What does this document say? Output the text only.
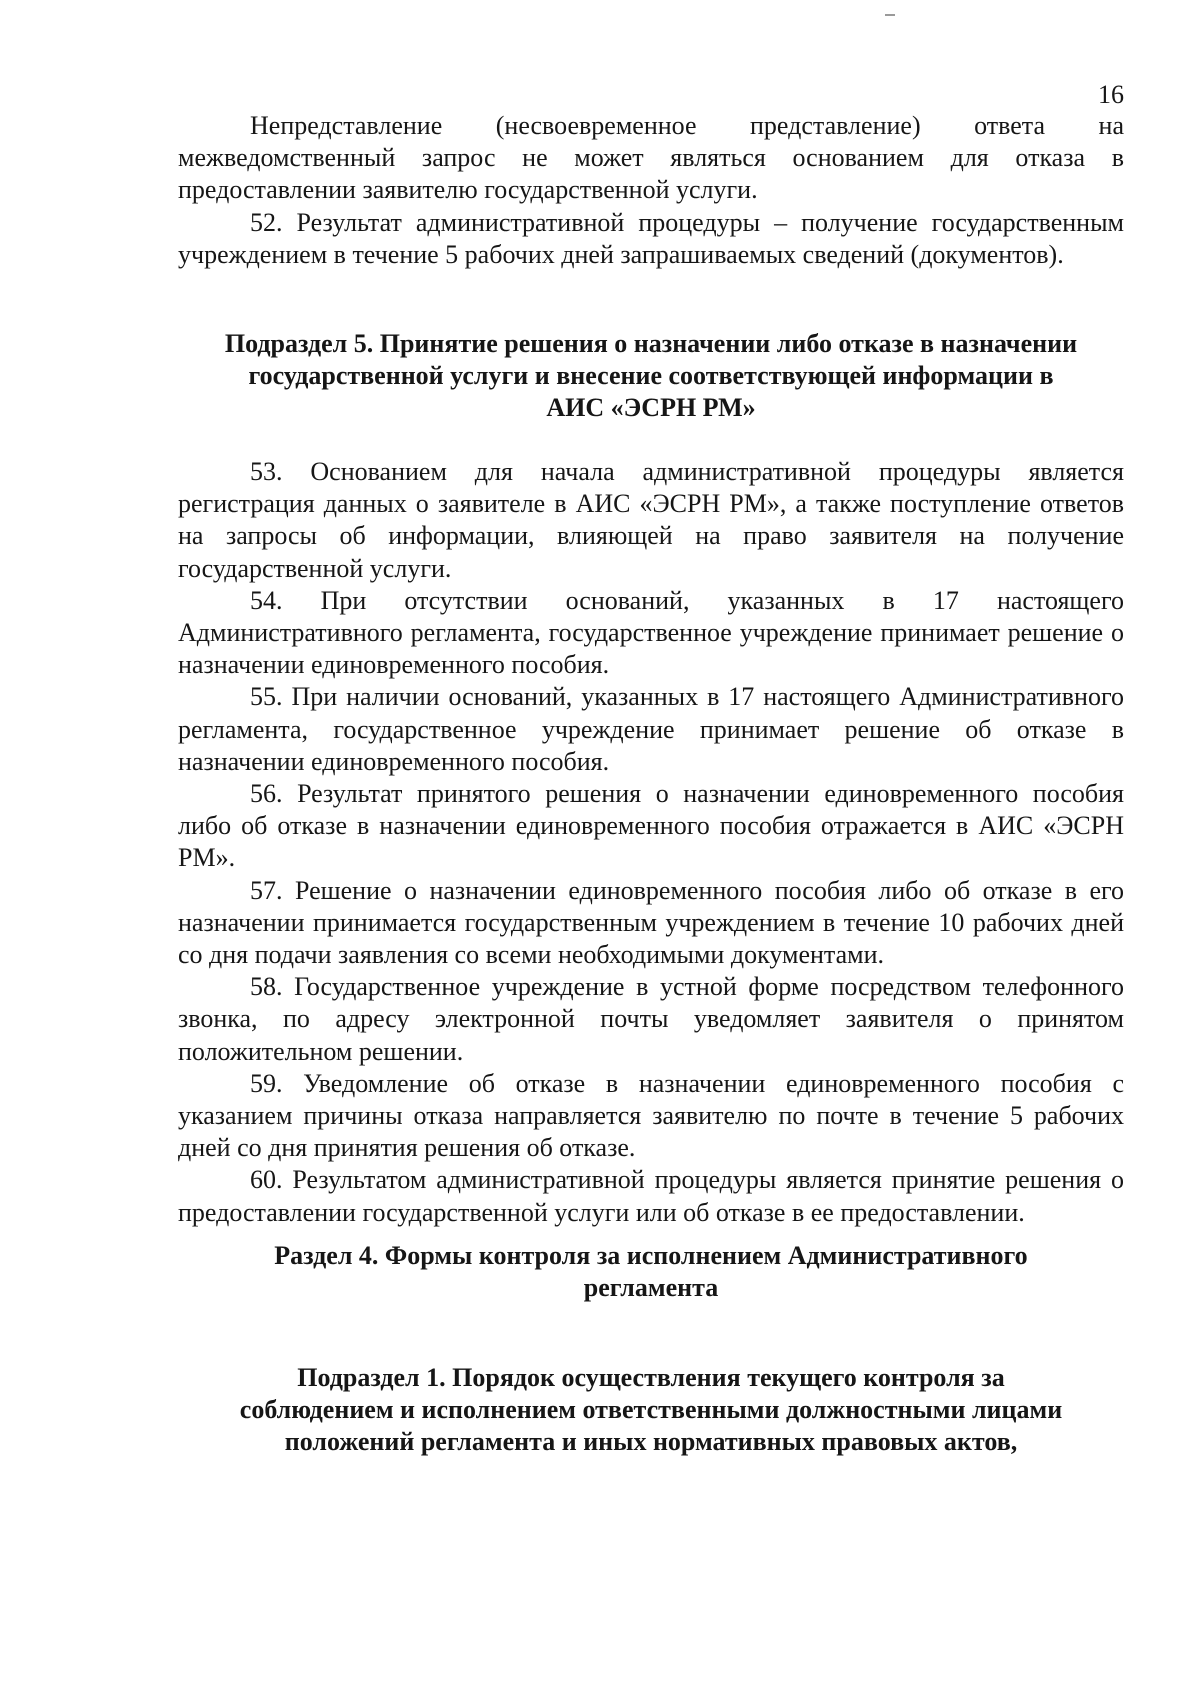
16

Непредставление (несвоевременное представление) ответа на межведомственный запрос не может являться основанием для отказа в предоставлении заявителю государственной услуги.

52. Результат административной процедуры – получение государственным учреждением в течение 5 рабочих дней запрашиваемых сведений (документов).

Подраздел 5. Принятие решения о назначении либо отказе в назначении
государственной услуги и внесение соответствующей информации в
АИС «ЭСРН РМ»

53. Основанием для начала административной процедуры является регистрация данных о заявителе в АИС «ЭСРН РМ», а также поступление ответов на запросы об информации, влияющей на право заявителя на получение государственной услуги.

54. При отсутствии оснований, указанных в 17 настоящего Административного регламента, государственное учреждение принимает решение о назначении единовременного пособия.

55. При наличии оснований, указанных в 17 настоящего Административного регламента, государственное учреждение принимает решение об отказе в назначении единовременного пособия.

56. Результат принятого решения о назначении единовременного пособия либо об отказе в назначении единовременного пособия отражается в АИС «ЭСРН РМ».

57. Решение о назначении единовременного пособия либо об отказе в его назначении принимается государственным учреждением в течение 10 рабочих дней со дня подачи заявления со всеми необходимыми документами.

58. Государственное учреждение в устной форме посредством телефонного звонка, по адресу электронной почты уведомляет заявителя о принятом положительном решении.

59. Уведомление об отказе в назначении единовременного пособия с указанием причины отказа направляется заявителю по почте в течение 5 рабочих дней со дня принятия решения об отказе.

60. Результатом административной процедуры является принятие решения о предоставлении государственной услуги или об отказе в ее предоставлении.

Раздел 4. Формы контроля за исполнением Административного
регламента
Подраздел 1. Порядок осуществления текущего контроля за
соблюдением и исполнением ответственными должностными лицами
положений регламента и иных нормативных правовых актов,
